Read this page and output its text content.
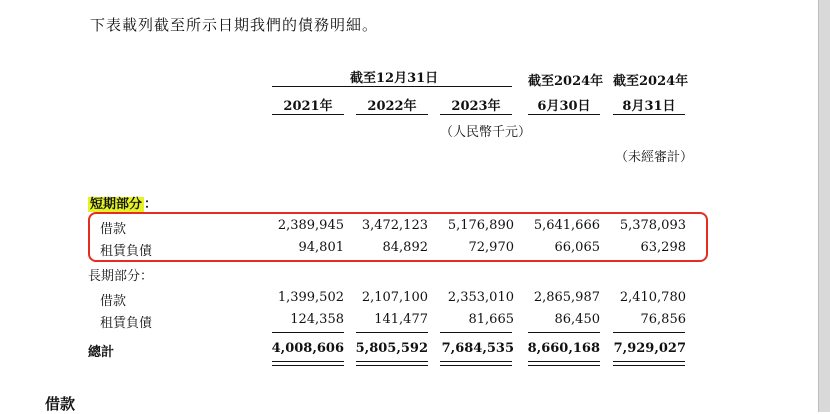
下表載列截至所示日期我們的債務明細。
截至12月31日
2021年	2022年	2023年
截至2024年
6月30日
截至2024年
8月31日
（人民幣千元）
（未經審計）
短期部分 ：
借款	2,389,945	3,472,123	5,176,890	5,641,666	5,378,093
租賃負債	94,801	84,892	72,970	66,065	63,298
長期部分：
借款	1,399,502	2,107,100	2,353,010	2,865,987	2,410,780
租賃負債	124,358	141,477	81,665	86,450	76,856
總計	4,008,606 5,805,592	7,684,535	8,660,168	7,929,027
借款
